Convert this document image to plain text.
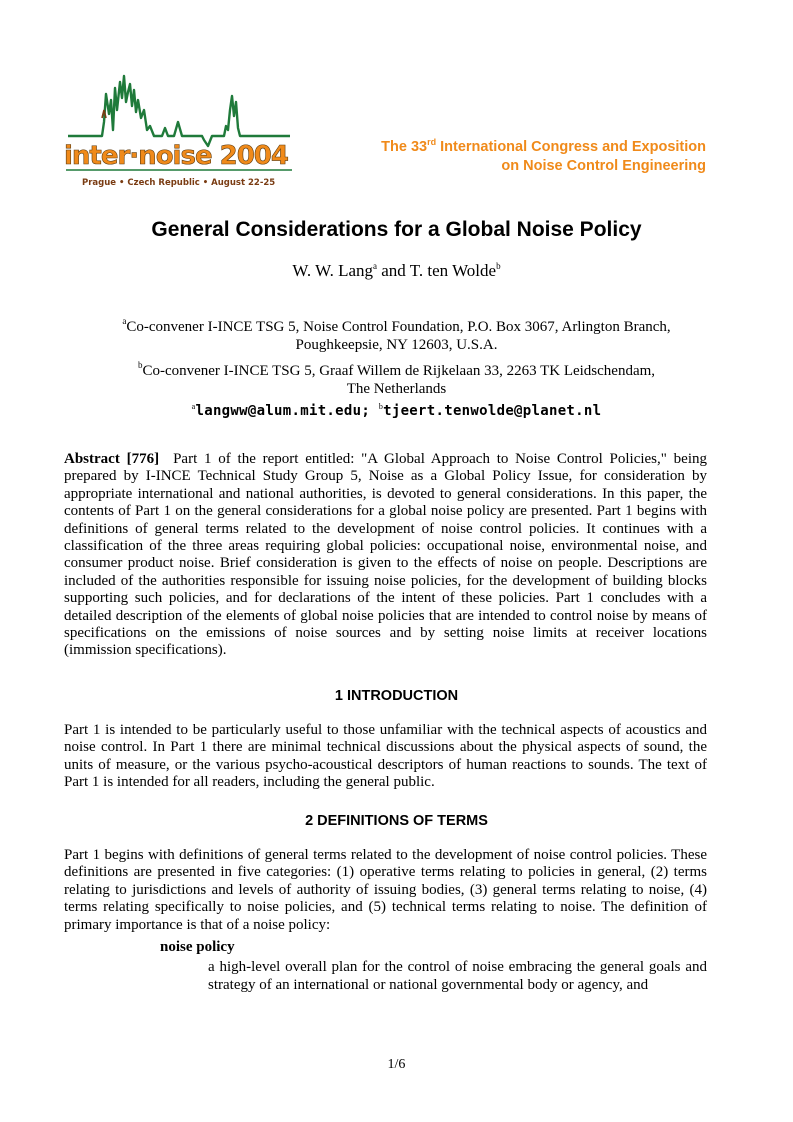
inter·noise 2004
Prague • Czech Republic • August 22-25
The 33rd International Congress and Exposition
on Noise Control Engineering
General Considerations for a Global Noise Policy
W. W. Lang$^a$ and T. ten Wolde$^b$
$^a$Co-convener I-INCE TSG 5, Noise Control Foundation, P.O. Box 3067, Arlington Branch,
Poughkeepsie, NY 12603, U.S.A.
$^b$Co-convener I-INCE TSG 5, Graaf Willem de Rijkelaan 33, 2263 TK Leidschendam,
The Netherlands
$^a$langww@alum.mit.edu; $^b$tjeert.tenwolde@planet.nl
Abstract [776] Part 1 of the report entitled: "A Global Approach to Noise Control Policies," being prepared by I-INCE Technical Study Group 5, Noise as a Global Policy Issue, for consideration by appropriate international and national authorities, is devoted to general considerations. In this paper, the contents of Part 1 on the general considerations for a global noise policy are presented. Part 1 begins with definitions of general terms related to the development of noise control policies. It continues with a classification of the three areas requiring global policies: occupational noise, environmental noise, and consumer product noise. Brief consideration is given to the effects of noise on people. Descriptions are included of the authorities responsible for issuing noise policies, for the development of building blocks supporting such policies, and for declarations of the intent of these policies. Part 1 concludes with a detailed description of the elements of global noise policies that are intended to control noise by means of specifications on the emissions of noise sources and by setting noise limits at receiver locations (immission specifications).
1 INTRODUCTION
Part 1 is intended to be particularly useful to those unfamiliar with the technical aspects of acoustics and noise control. In Part 1 there are minimal technical discussions about the physical aspects of sound, the units of measure, or the various psycho-acoustical descriptors of human reactions to sounds. The text of Part 1 is intended for all readers, including the general public.
2 DEFINITIONS OF TERMS
Part 1 begins with definitions of general terms related to the development of noise control policies. These definitions are presented in five categories: (1) operative terms relating to policies in general, (2) terms relating to jurisdictions and levels of authority of issuing bodies, (3) general terms relating to noise, (4) terms relating specifically to noise policies, and (5) technical terms relating to noise. The definition of primary importance is that of a noise policy:
noise policy
a high-level overall plan for the control of noise embracing the general goals and strategy of an international or national governmental body or agency, and
1/6
